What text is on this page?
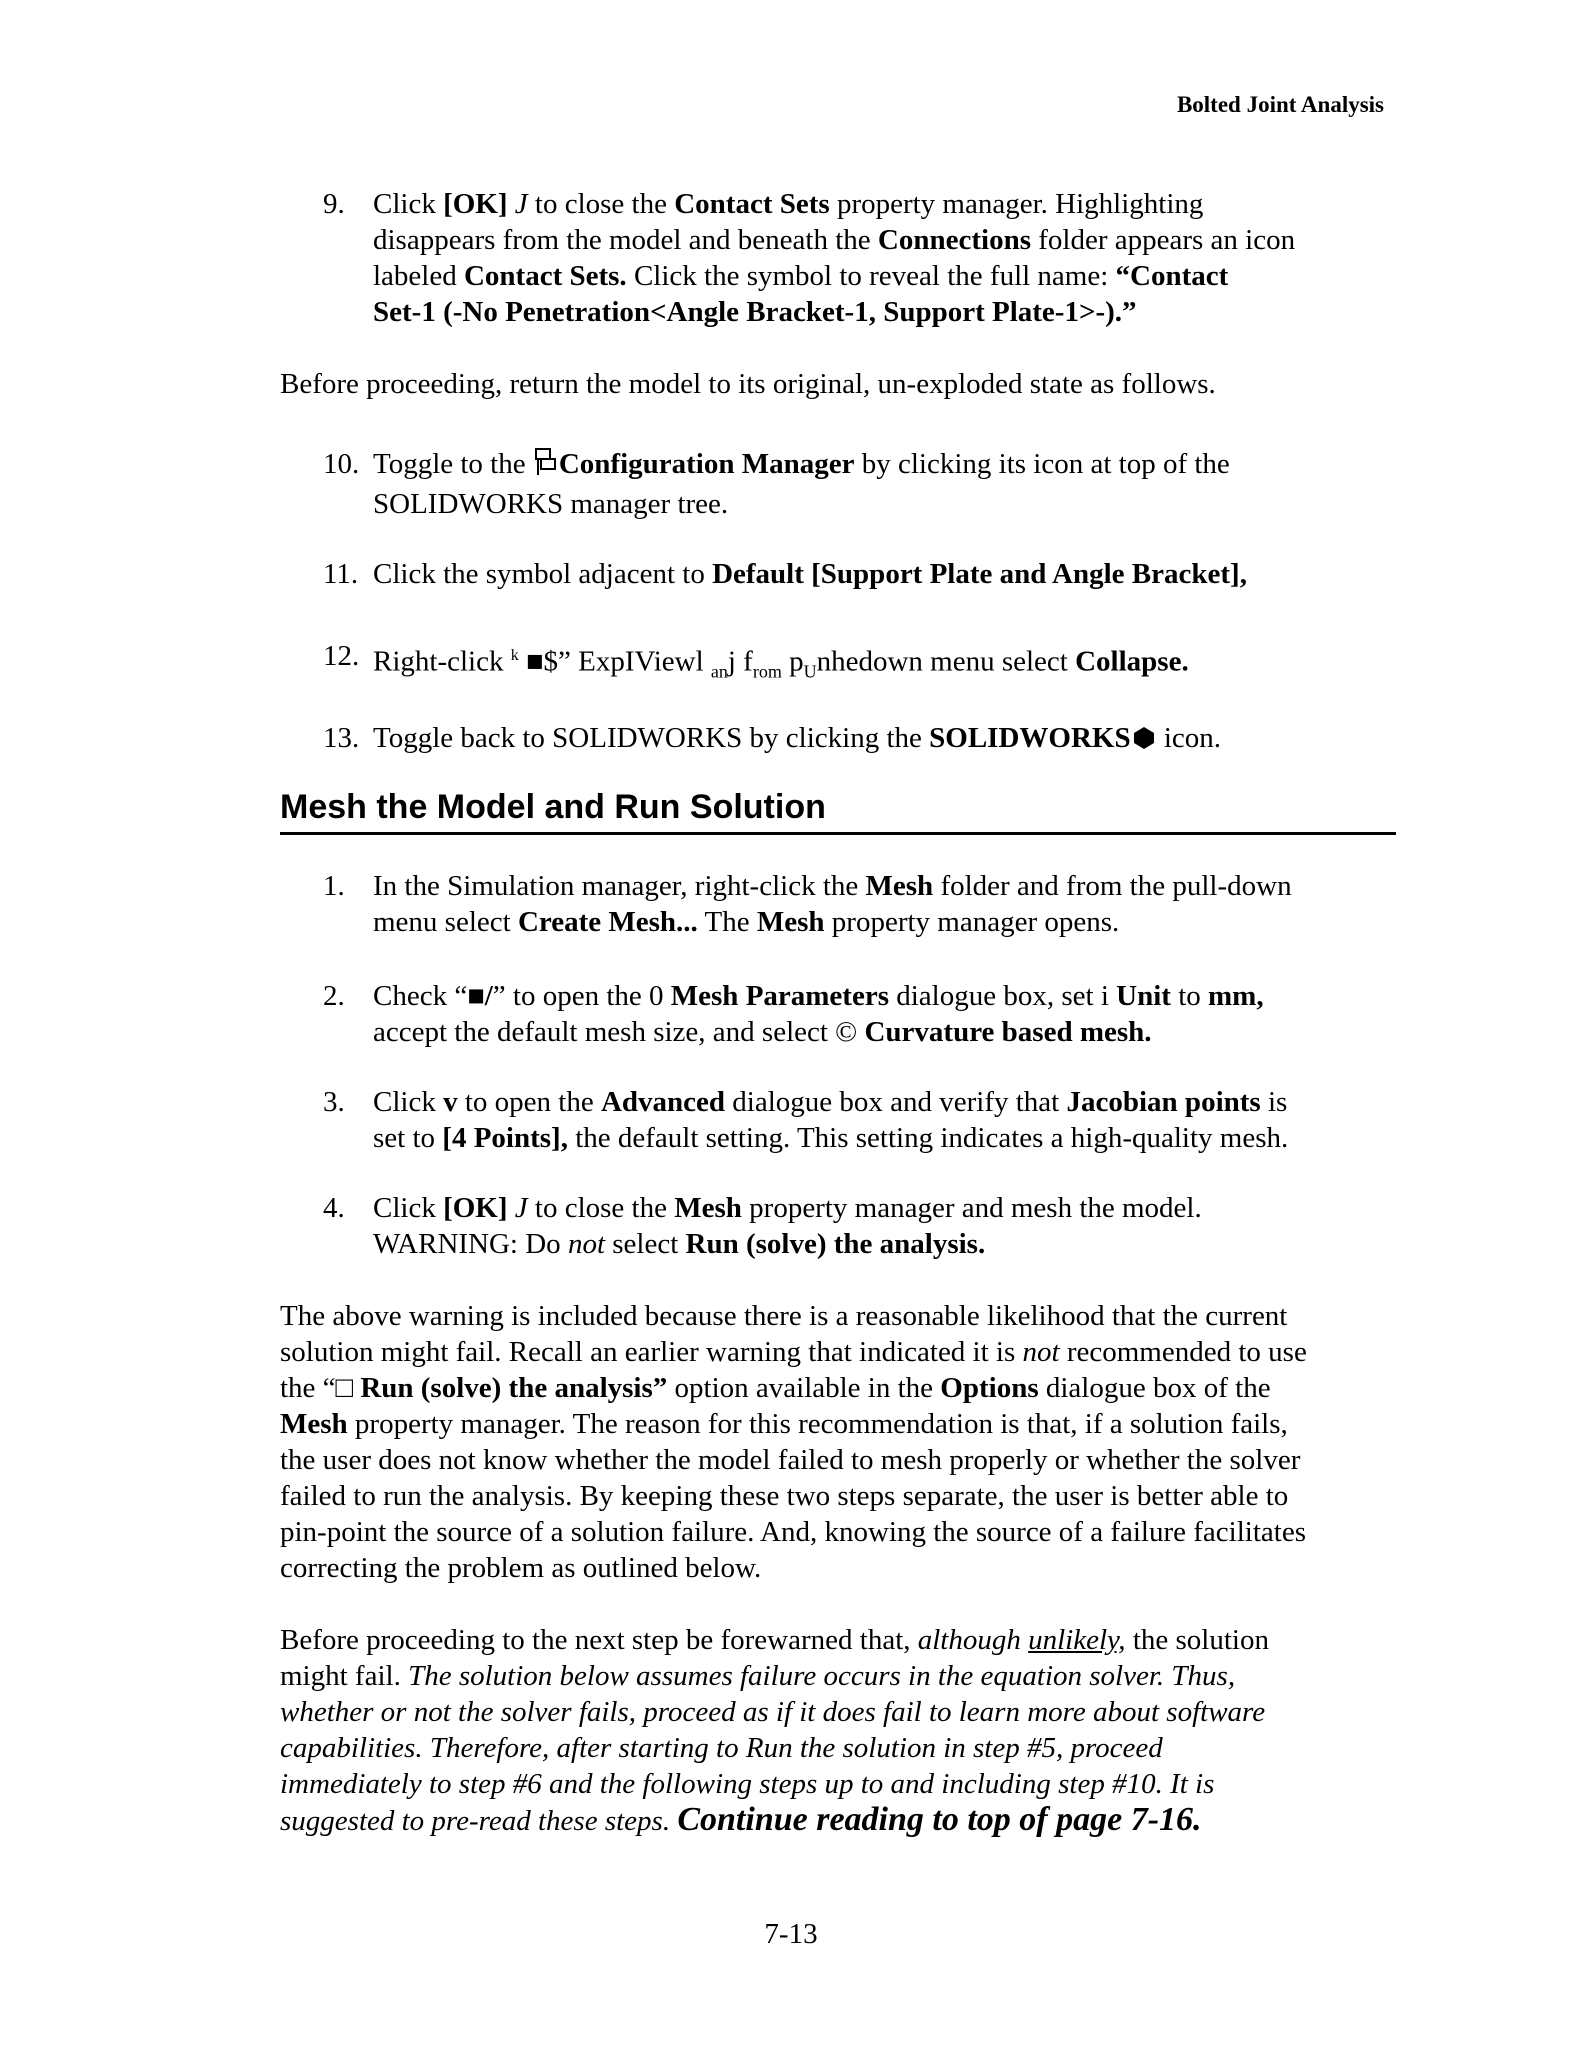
Bolted Joint Analysis
9. Click [OK] J to close the Contact Sets property manager. Highlighting
disappears from the model and beneath the Connections folder appears an icon
labeled Contact Sets. Click the symbol to reveal the full name: “Contact
Set-1 (-No Penetration<Angle Bracket-1, Support Plate-1>-).”
Before proceeding, return the model to its original, un-exploded state as follows.
10. Toggle to the Configuration Manager by clicking its icon at top of the
SOLIDWORKS manager tree.
11. Click the symbol adjacent to Default [Support Plate and Angle Bracket],
12. Right-click $^k$ ■$” ExpIViewl $_{an}$j $f_{rom}$ $p_Unhedown$ menu select Collapse.
13. Toggle back to SOLIDWORKS by clicking the SOLIDWORKS icon.
Mesh the Model and Run Solution
1. In the Simulation manager, right-click the Mesh folder and from the pull-down
menu select Create Mesh... The Mesh property manager opens.
2. Check “■/” to open the 0 Mesh Parameters dialogue box, set i Unit to mm,
accept the default mesh size, and select © Curvature based mesh.
3. Click v to open the Advanced dialogue box and verify that Jacobian points is
set to [4 Points], the default setting. This setting indicates a high-quality mesh.
4. Click [OK] J to close the Mesh property manager and mesh the model.
WARNING: Do not select Run (solve) the analysis.
The above warning is included because there is a reasonable likelihood that the current
solution might fail. Recall an earlier warning that indicated it is not recommended to use
the “□ Run (solve) the analysis” option available in the Options dialogue box of the
Mesh property manager. The reason for this recommendation is that, if a solution fails,
the user does not know whether the model failed to mesh properly or whether the solver
failed to run the analysis. By keeping these two steps separate, the user is better able to
pin-point the source of a solution failure. And, knowing the source of a failure facilitates
correcting the problem as outlined below.
Before proceeding to the next step be forewarned that, although unlikely, the solution
might fail. The solution below assumes failure occurs in the equation solver. Thus,
whether or not the solver fails, proceed as if it does fail to learn more about software
capabilities. Therefore, after starting to Run the solution in step #5, proceed
immediately to step #6 and the following steps up to and including step #10. It is
suggested to pre-read these steps. Continue reading to top of page 7-16.
7-13
